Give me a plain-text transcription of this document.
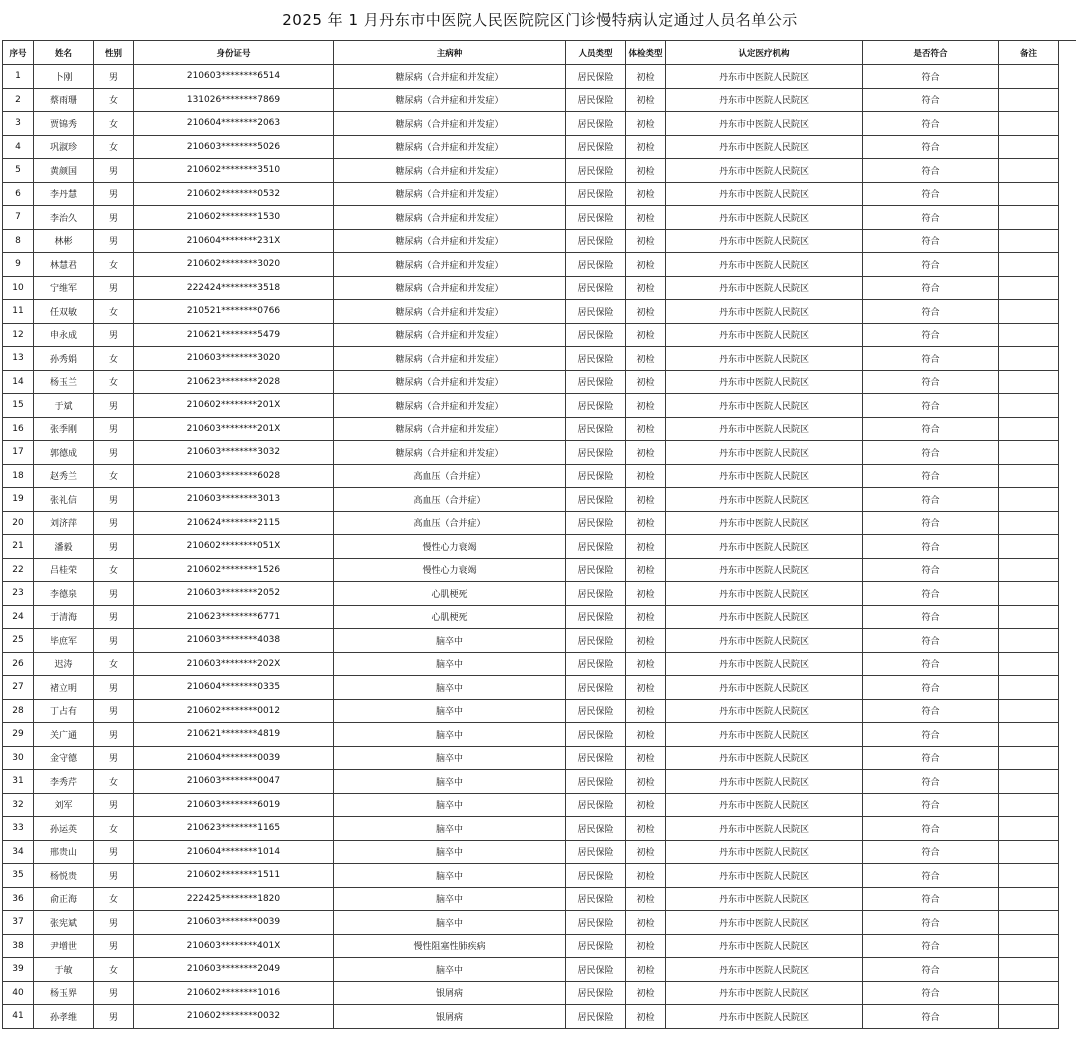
2025 年 1 月丹东市中医院人民医院院区门诊慢特病认定通过人员名单公示
序号	姓名	性别	身份证号	主病种	人员类型	体检类型	认定医疗机构	是否符合	备注
1	卜刚	男	210603********6514	糖尿病（合并症和并发症）	居民保险	初检	丹东市中医院人民院区	符合	
2	蔡雨珊	女	131026********7869	糖尿病（合并症和并发症）	居民保险	初检	丹东市中医院人民院区	符合	
3	贾锦秀	女	210604********2063	糖尿病（合并症和并发症）	居民保险	初检	丹东市中医院人民院区	符合	
4	巩淑珍	女	210603********5026	糖尿病（合并症和并发症）	居民保险	初检	丹东市中医院人民院区	符合	
5	黄颜国	男	210602********3510	糖尿病（合并症和并发症）	居民保险	初检	丹东市中医院人民院区	符合	
6	李丹慧	男	210602********0532	糖尿病（合并症和并发症）	居民保险	初检	丹东市中医院人民院区	符合	
7	李治久	男	210602********1530	糖尿病（合并症和并发症）	居民保险	初检	丹东市中医院人民院区	符合	
8	林彬	男	210604********231X	糖尿病（合并症和并发症）	居民保险	初检	丹东市中医院人民院区	符合	
9	林慧君	女	210602********3020	糖尿病（合并症和并发症）	居民保险	初检	丹东市中医院人民院区	符合	
10	宁维军	男	222424********3518	糖尿病（合并症和并发症）	居民保险	初检	丹东市中医院人民院区	符合	
11	任双敏	女	210521********0766	糖尿病（合并症和并发症）	居民保险	初检	丹东市中医院人民院区	符合	
12	申永成	男	210621********5479	糖尿病（合并症和并发症）	居民保险	初检	丹东市中医院人民院区	符合	
13	孙秀娟	女	210603********3020	糖尿病（合并症和并发症）	居民保险	初检	丹东市中医院人民院区	符合	
14	杨玉兰	女	210623********2028	糖尿病（合并症和并发症）	居民保险	初检	丹东市中医院人民院区	符合	
15	于斌	男	210602********201X	糖尿病（合并症和并发症）	居民保险	初检	丹东市中医院人民院区	符合	
16	张季刚	男	210603********201X	糖尿病（合并症和并发症）	居民保险	初检	丹东市中医院人民院区	符合	
17	郭德成	男	210603********3032	糖尿病（合并症和并发症）	居民保险	初检	丹东市中医院人民院区	符合	
18	赵秀兰	女	210603********6028	高血压（合并症）	居民保险	初检	丹东市中医院人民院区	符合	
19	张礼信	男	210603********3013	高血压（合并症）	居民保险	初检	丹东市中医院人民院区	符合	
20	刘济萍	男	210624********2115	高血压（合并症）	居民保险	初检	丹东市中医院人民院区	符合	
21	潘毅	男	210602********051X	慢性心力衰竭	居民保险	初检	丹东市中医院人民院区	符合	
22	吕桂荣	女	210602********1526	慢性心力衰竭	居民保险	初检	丹东市中医院人民院区	符合	
23	李德泉	男	210603********2052	心肌梗死	居民保险	初检	丹东市中医院人民院区	符合	
24	于清海	男	210623********6771	心肌梗死	居民保险	初检	丹东市中医院人民院区	符合	
25	毕庶军	男	210603********4038	脑卒中	居民保险	初检	丹东市中医院人民院区	符合	
26	迟涛	女	210603********202X	脑卒中	居民保险	初检	丹东市中医院人民院区	符合	
27	褚立明	男	210604********0335	脑卒中	居民保险	初检	丹东市中医院人民院区	符合	
28	丁占有	男	210602********0012	脑卒中	居民保险	初检	丹东市中医院人民院区	符合	
29	关广通	男	210621********4819	脑卒中	居民保险	初检	丹东市中医院人民院区	符合	
30	金守德	男	210604********0039	脑卒中	居民保险	初检	丹东市中医院人民院区	符合	
31	李秀芹	女	210603********0047	脑卒中	居民保险	初检	丹东市中医院人民院区	符合	
32	刘军	男	210603********6019	脑卒中	居民保险	初检	丹东市中医院人民院区	符合	
33	孙运英	女	210623********1165	脑卒中	居民保险	初检	丹东市中医院人民院区	符合	
34	邢贵山	男	210604********1014	脑卒中	居民保险	初检	丹东市中医院人民院区	符合	
35	杨悦贵	男	210602********1511	脑卒中	居民保险	初检	丹东市中医院人民院区	符合	
36	俞正海	女	222425********1820	脑卒中	居民保险	初检	丹东市中医院人民院区	符合	
37	张宪斌	男	210603********0039	脑卒中	居民保险	初检	丹东市中医院人民院区	符合	
38	尹增世	男	210603********401X	慢性阻塞性肺疾病	居民保险	初检	丹东市中医院人民院区	符合	
39	于敏	女	210603********2049	脑卒中	居民保险	初检	丹东市中医院人民院区	符合	
40	杨玉界	男	210602********1016	银屑病	居民保险	初检	丹东市中医院人民院区	符合	
41	孙孝维	男	210602********0032	银屑病	居民保险	初检	丹东市中医院人民院区	符合	
